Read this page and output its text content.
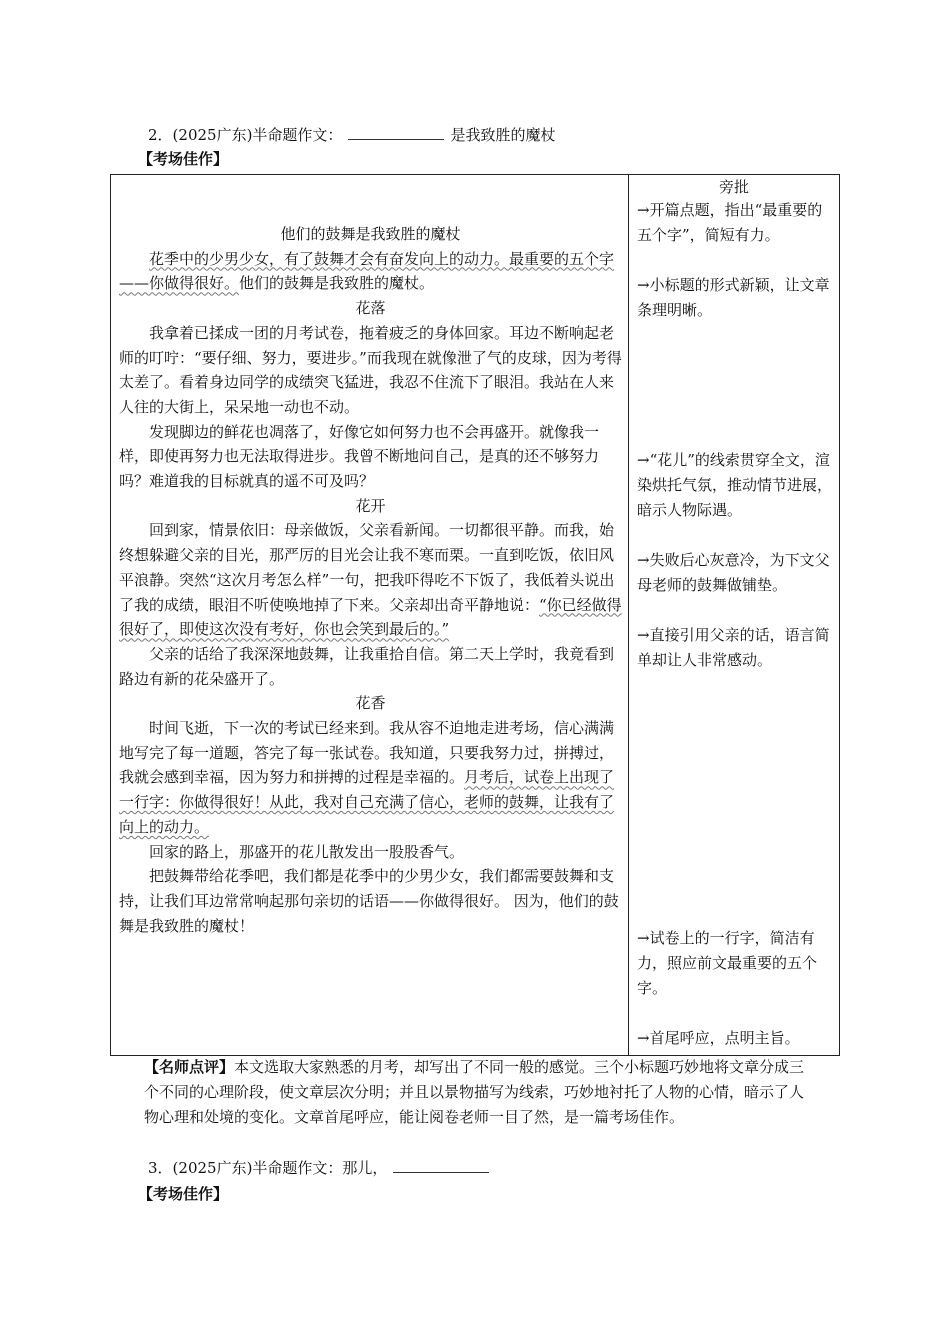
2．(2025广东)半命题作文：	是我致胜的魔杖
【考场佳作】

他们的鼓舞是我致胜的魔杖

花季中的少男少女，有了鼓舞才会有奋发向上的动力。最重要的五个字——你做得很好。他们的鼓舞是我致胜的魔杖。

花落

我拿着已揉成一团的月考试卷，拖着疲乏的身体回家。耳边不断响起老师的叮咛：“要仔细、努力，要进步。”而我现在就像泄了气的皮球，因为考得太差了。看着身边同学的成绩突飞猛进，我忍不住流下了眼泪。我站在人来人往的大街上，呆呆地一动也不动。

发现脚边的鲜花也凋落了，好像它如何努力也不会再盛开。就像我一样，即使再努力也无法取得进步。我曾不断地问自己，是真的还不够努力吗？难道我的目标就真的遥不可及吗？

花开

回到家，情景依旧：母亲做饭，父亲看新闻。一切都很平静。而我，始终想躲避父亲的目光，那严厉的目光会让我不寒而栗。一直到吃饭，依旧风平浪静。突然“这次月考怎么样”一句，把我吓得吃不下饭了，我低着头说出了我的成绩，眼泪不听使唤地掉了下来。父亲却出奇平静地说：“你已经做得很好了，即使这次没有考好，你也会笑到最后的。”

父亲的话给了我深深地鼓舞，让我重拾自信。第二天上学时，我竟看到路边有新的花朵盛开了。

花香

时间飞逝，下一次的考试已经来到。我从容不迫地走进考场，信心满满地写完了每一道题，答完了每一张试卷。我知道，只要我努力过，拼搏过，我就会感到幸福，因为努力和拼搏的过程是幸福的。月考后，试卷上出现了一行字：你做得很好！从此，我对自己充满了信心，老师的鼓舞，让我有了向上的动力。

回家的路上，那盛开的花儿散发出一股股香气。

把鼓舞带给花季吧，我们都是花季中的少男少女，我们都需要鼓舞和支持，让我们耳边常常响起那句亲切的话语——你做得很好。 因为，他们的鼓舞是我致胜的魔杖！

旁批
→开篇点题，指出“最重要的五个字”，简短有力。
→小标题的形式新颖，让文章条理明晰。
→“花儿”的线索贯穿全文，渲染烘托气氛，推动情节进展，暗示人物际遇。
→失败后心灰意冷，为下文父母老师的鼓舞做铺垫。
→直接引用父亲的话，语言简单却让人非常感动。
→试卷上的一行字，简洁有力，照应前文最重要的五个字。
→首尾呼应，点明主旨。
【名师点评】本文选取大家熟悉的月考，却写出了不同一般的感觉。三个小标题巧妙地将文章分成三个不同的心理阶段，使文章层次分明；并且以景物描写为线索，巧妙地衬托了人物的心情，暗示了人物心理和处境的变化。文章首尾呼应，能让阅卷老师一目了然，是一篇考场佳作。
3．(2025广东)半命题作文：那儿，
【考场佳作】
